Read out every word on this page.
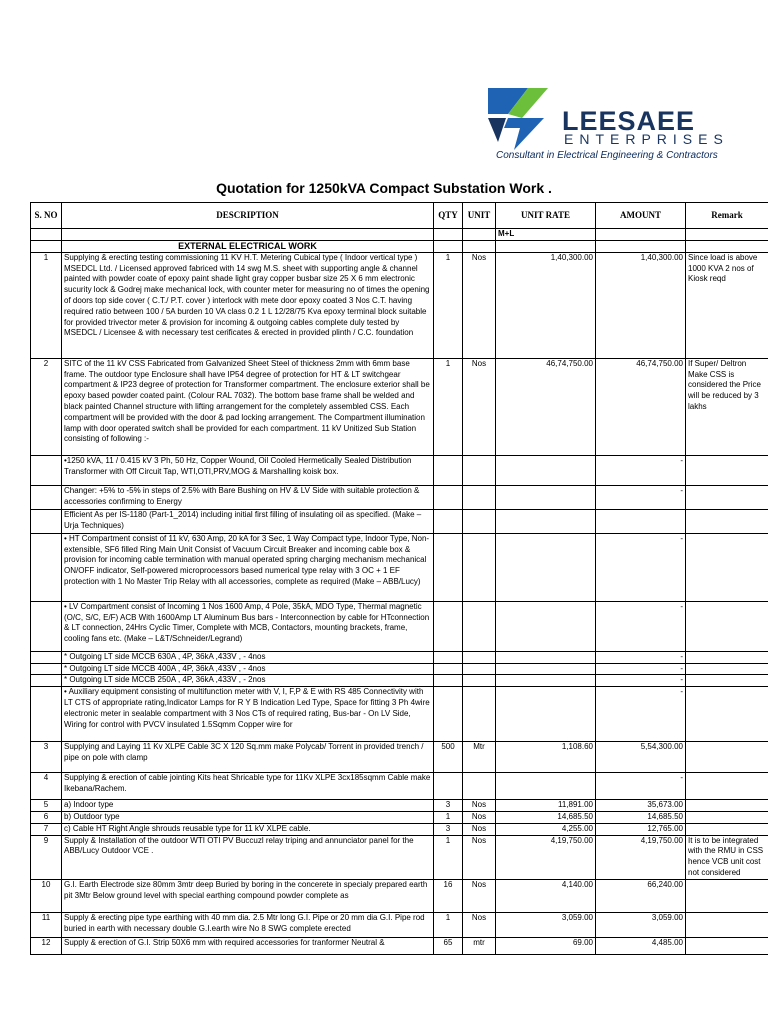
LEESAEE
ENTERPRISES
Consultant in Electrical Engineering & Contractors
Quotation for 1250kVA Compact Substation Work .
S. NO	DESCRIPTION	QTY	UNIT	UNIT RATE	AMOUNT	Remark
				M+L		
	EXTERNAL ELECTRICAL WORK					
1	Supplying & erecting testing commissioning 11 KV H.T. Metering Cubical type ( Indoor vertical type ) MSEDCL Ltd. / Licensed approved fabriced with 14 swg M.S. sheet with supporting angle & channel painted with powder coate of epoxy paint shade light gray copper busbar size 25 X 6 mm electronic sucurity lock & Godrej make mechanical lock, with counter meter for measuring no of times the opening of doors top side cover ( C.T./ P.T. cover ) interlock with mete door epoxy coated 3 Nos C.T. having required ratio between 100 / 5A burden 10 VA class 0.2 1 L 12/28/75 Kva epoxy terminal block suitable for provided trivector meter & provision for incoming & outgoing cables complete duly tested by MSEDCL / Licensee & with necessary test cerificates & erected in provided plinth / C.C. foundation	1	Nos	1,40,300.00	1,40,300.00	Since load is above 1000 KVA 2 nos of Kiosk reqd
2	SITC of the 11 kV CSS Fabricated from Galvanized Sheet Steel of thickness 2mm with 6mm base frame. The outdoor type Enclosure shall have IP54 degree of protection for HT & LT switchgear compartment & IP23 degree of protection for Transformer compartment. The enclosure exterior shall be epoxy based powder coated paint. (Colour RAL 7032). The bottom base frame shall be welded and black painted Channel structure with lifting arrangement for the completely assembled CSS. Each compartment will be provided with the door & pad locking arrangement. The Compartment illumination lamp with door operated switch shall be provided for each compartment. 11 kV Unitized Sub Station consisting of following :-	1	Nos	46,74,750.00	46,74,750.00	If Super/ Deltron Make CSS is considered the Price will be reduced by 3 lakhs
	•1250 kVA, 11 / 0.415 kV 3 Ph, 50 Hz, Copper Wound, Oil Cooled Hermetically Sealed Distribution Transformer with Off Circuit Tap, WTI,OTI,PRV,MOG & Marshalling koisk box.				-	
	Changer: +5% to -5% in steps of 2.5% with Bare Bushing on HV & LV Side with suitable protection & accessories confirming to Energy				-	
	Efficient As per IS-1180 (Part-1_2014) including initial first filling of insulating oil as specified. (Make – Urja Techniques)					
	• HT Compartment consist of 11 kV, 630 Amp, 20 kA for 3 Sec, 1 Way Compact type, Indoor Type, Non-extensible, SF6 filled Ring Main Unit Consist of Vacuum Circuit Breaker and incoming cable box & provision for incoming cable termination with manual operated spring charging mechanism mechanical ON/OFF indicator, Self-powered microprocessors based numerical type relay with 3 OC + 1 EF protection with 1 No Master Trip Relay with all accessories, complete as required (Make – ABB/Lucy)				-	
	• LV Compartment consist of Incoming 1 Nos 1600 Amp, 4 Pole, 35kA, MDO Type, Thermal magnetic (O/C, S/C, E/F) ACB With 1600Amp LT Aluminum Bus bars - Interconnection by cable for HTconnection & LT connection, 24Hrs Cyclic Timer, Complete with MCB, Contactors, mounting brackets, frame, cooling fans etc. (Make – L&T/Schneider/Legrand)				-	
	* Outgoing LT side MCCB 630A , 4P, 36kA ,433V , - 4nos				-	
	* Outgoing LT side MCCB 400A , 4P, 36kA ,433V , - 4nos				-	
	* Outgoing LT side MCCB 250A , 4P, 36kA ,433V , - 2nos				-	
	• Auxiliary equipment consisting of multifunction meter with V, I, F,P & E with RS 485 Connectivity with LT CTS of appropriate rating,Indicator Lamps for R Y B Indication Led Type, Space for fitting 3 Ph 4wire electronic meter in sealable compartment with 3 Nos CTs of required rating, Bus-bar - On LV Side, Wiring for control with PVCV insulated 1.5Sqmm Copper wire for				-	
3	Supplying and Laying 11 Kv XLPE Cable 3C X 120 Sq.mm make Polycab/ Torrent in provided trench / pipe on pole with clamp	500	Mtr	1,108.60	5,54,300.00	
4	Supplying & erection of cable jointing Kits heat Shricable type for 11Kv XLPE 3cx185sqmm Cable make Ikebana/Rachem.				-	
5	a) Indoor type	3	Nos	11,891.00	35,673.00	
6	b) Outdoor type	1	Nos	14,685.50	14,685.50	
7	c) Cable HT Right Angle shrouds reusable type for 11 kV XLPE cable.	3	Nos	4,255.00	12,765.00	
9	Supply & Installation of the outdoor WTI OTI PV Buccuzl relay triping and annunciator panel for the ABB/Lucy Outdoor VCE .	1	Nos	4,19,750.00	4,19,750.00	It is to be integrated with the RMU in CSS hence VCB unit cost not considered
10	G.I. Earth Electrode size 80mm 3mtr deep Buried by boring in the concerete in specialy prepared earth pit 3Mtr Below ground level with special earthing compound powder complete as	16	Nos	4,140.00	66,240.00	
11	Supply & erecting pipe type earthing with 40 mm dia. 2.5 Mtr long G.I. Pipe or 20 mm dia G.I. Pipe rod buried in earth with necessary double G.I.earth wire No 8 SWG complete erected	1	Nos	3,059.00	3,059.00	
12	Supply & erection of G.I. Strip 50X6 mm with required accessories for tranformer Neutral &	65	mtr	69.00	4,485.00	
